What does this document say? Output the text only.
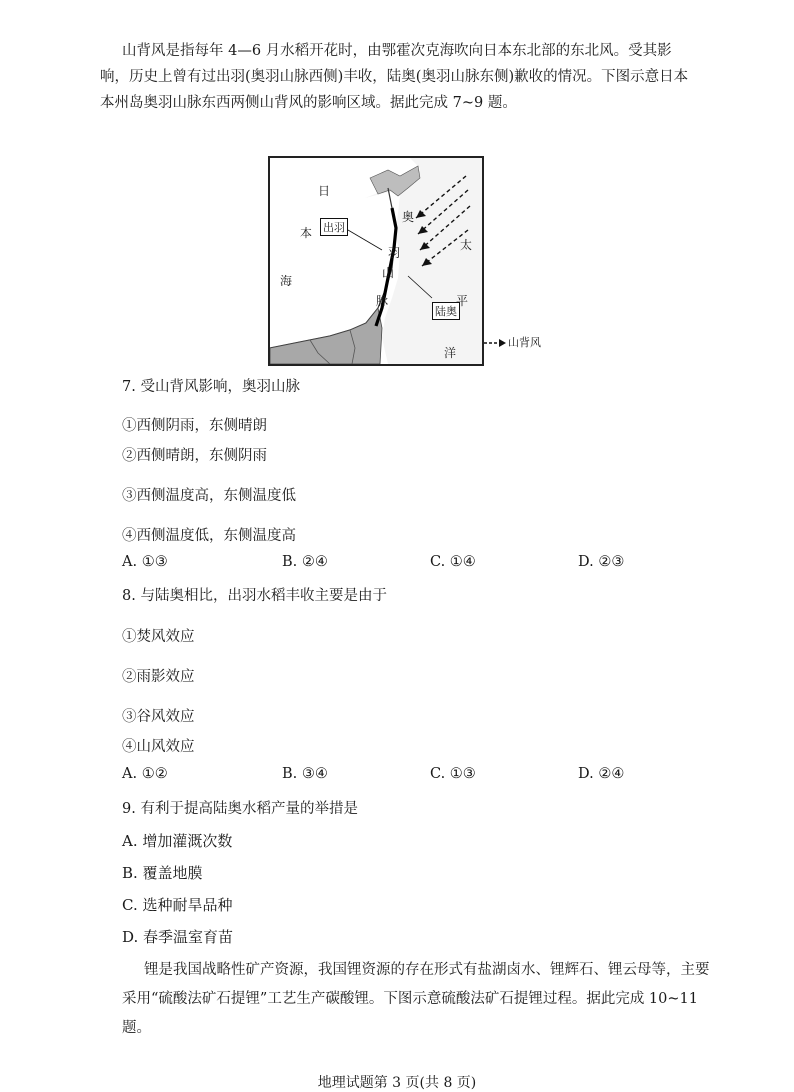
山背风是指每年 4—6 月水稻开花时，由鄂霍次克海吹向日本东北部的东北风。受其影
响，历史上曾有过出羽(奥羽山脉西侧)丰收，陆奥(奥羽山脉东侧)歉收的情况。下图示意日本
本州岛奥羽山脉东西两侧山背风的影响区域。据此完成 7~9 题。
日
本
海
出羽
陆奥
奥
羽
山
脉
太
平
洋
山背风
7. 受山背风影响，奥羽山脉
①西侧阴雨，东侧晴朗
②西侧晴朗，东侧阴雨
③西侧温度高，东侧温度低
④西侧温度低，东侧温度高
A. ①③	B. ②④	C. ①④	D. ②③
8. 与陆奥相比，出羽水稻丰收主要是由于
①焚风效应
②雨影效应
③谷风效应
④山风效应
A. ①②	B. ③④	C. ①③	D. ②④
9. 有利于提高陆奥水稻产量的举措是
A. 增加灌溉次数
B. 覆盖地膜
C. 选种耐旱品种
D. 春季温室育苗
锂是我国战略性矿产资源，我国锂资源的存在形式有盐湖卤水、锂辉石、锂云母等，主要
采用“硫酸法矿石提锂”工艺生产碳酸锂。下图示意硫酸法矿石提锂过程。据此完成 10~11
题。
地理试题第 3 页(共 8 页)
